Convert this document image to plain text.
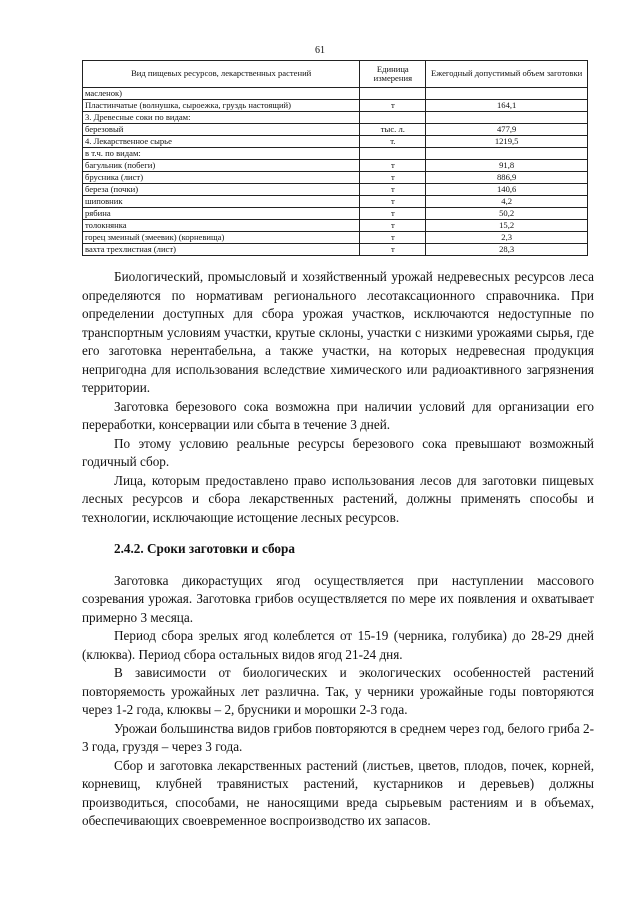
61
Вид пищевых ресурсов, лекарственных растений	Единица измерения	Ежегодный допустимый объем заготовки
масленок)		
Пластинчатые (волнушка, сыроежка, груздь настоящий)	т	164,1
3. Древесные соки по видам:		
березовый	тыс. л.	477,9
4. Лекарственное сырье	т.	1219,5
в т.ч. по видам:		
багульник (побеги)	т	91,8
брусника (лист)	т	886,9
береза (почки)	т	140,6
шиповник	т	4,2
рябина	т	50,2
толокнянка	т	15,2
горец змеиный (змеевик) (корневища)	т	2,3
вахта трехлистная (лист)	т	28,3

Биологический, промысловый и хозяйственный урожай недревесных ресурсов леса определяются по нормативам регионального лесотаксационного справочника. При определении доступных для сбора урожая участков, исключаются недоступные по транспортным условиям участки, крутые склоны, участки с низкими урожаями сырья, где его заготовка нерентабельна, а также участки, на которых недревесная продукция непригодна для использования вследствие химического или радиоактивного загрязнения территории.

Заготовка березового сока возможна при наличии условий для организации его переработки, консервации или сбыта в течение 3 дней.

По этому условию реальные ресурсы березового сока превышают возможный годичный сбор.

Лица, которым предоставлено право использования лесов для заготовки пищевых лесных ресурсов и сбора лекарственных растений, должны применять способы и технологии, исключающие истощение лесных ресурсов.

2.4.2. Сроки заготовки и сбора

Заготовка дикорастущих ягод осуществляется при наступлении массового созревания урожая. Заготовка грибов осуществляется по мере их появления и охватывает примерно 3 месяца.

Период сбора зрелых ягод колеблется от 15-19 (черника, голубика) до 28-29 дней (клюква). Период сбора остальных видов ягод 21-24 дня.

В зависимости от биологических и экологических особенностей растений повторяемость урожайных лет различна. Так, у черники урожайные годы повторяются через 1-2 года, клюквы – 2, брусники и морошки 2-3 года.

Урожаи большинства видов грибов повторяются в среднем через год, белого гриба 2-3 года, груздя – через 3 года.

Сбор и заготовка лекарственных растений (листьев, цветов, плодов, почек, корней, корневищ, клубней травянистых растений, кустарников и деревьев) должны производиться, способами, не наносящими вреда сырьевым растениям и в объемах, обеспечивающих своевременное воспроизводство их запасов.
